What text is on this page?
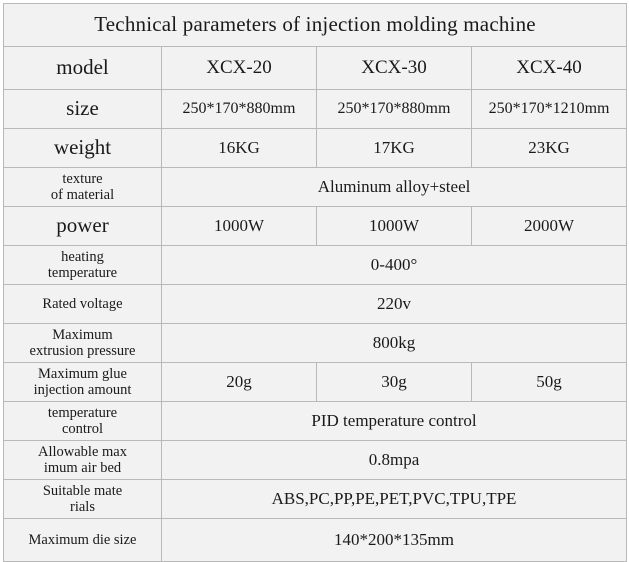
Technical parameters of injection molding machine			
model	XCX-20	XCX-30	XCX-40
size	250*170*880mm	250*170*880mm	250*170*1210mm
weight	16KG	17KG	23KG
texture
of material	Aluminum alloy+steel		
power	1000W	1000W	2000W
heating
temperature	0-400°		
Rated voltage	220v		
Maximum
extrusion pressure	800kg		
Maximum glue
injection amount	20g	30g	50g
temperature
control	PID temperature control		
Allowable max
imum air bed	0.8mpa		
Suitable mate
rials	ABS,PC,PP,PE,PET,PVC,TPU,TPE		
Maximum die size	140*200*135mm		
